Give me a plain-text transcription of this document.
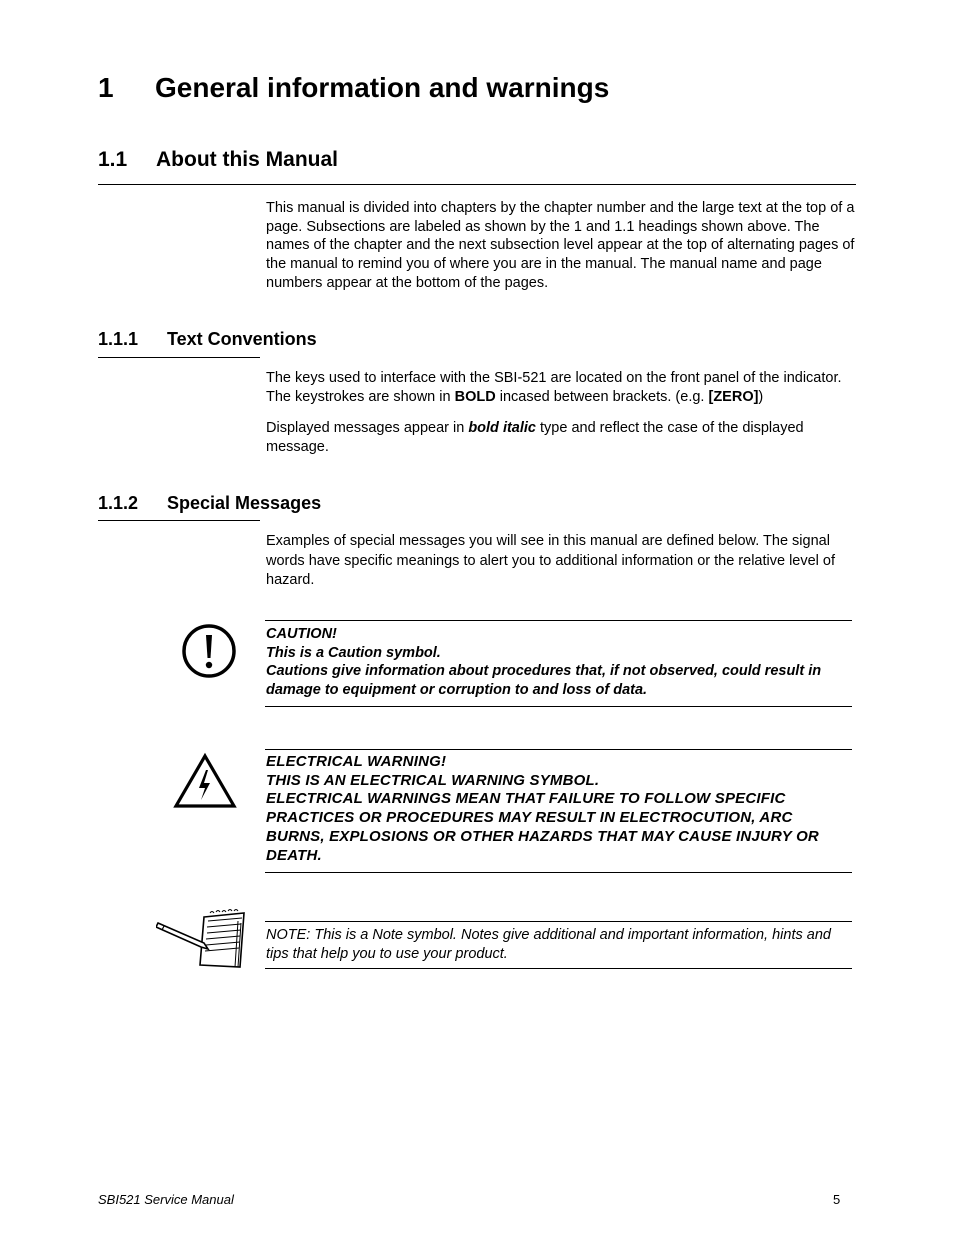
1 General information and warnings
1.1 About this Manual

This manual is divided into chapters by the chapter number and the large text at the top of a page. Subsections are labeled as shown by the 1 and 1.1 headings shown above. The names of the chapter and the next subsection level appear at the top of alternating pages of the manual to remind you of where you are in the manual. The manual name and page numbers appear at the bottom of the pages.

1.1.1 Text Conventions

The keys used to interface with the SBI-521 are located on the front panel of the indicator. The keystrokes are shown in BOLD incased between brackets. (e.g. [ZERO])

Displayed messages appear in bold italic type and reflect the case of the displayed message.

1.1.2 Special Messages

Examples of special messages you will see in this manual are defined below. The signal words have specific meanings to alert you to additional information or the relative level of hazard.

CAUTION!
This is a Caution symbol.
Cautions give information about procedures that, if not observed, could result in damage to equipment or corruption to and loss of data.
ELECTRICAL WARNING!
THIS IS AN ELECTRICAL WARNING SYMBOL.
ELECTRICAL WARNINGS MEAN THAT FAILURE TO FOLLOW SPECIFIC PRACTICES OR PROCEDURES MAY RESULT IN ELECTROCUTION, ARC BURNS, EXPLOSIONS OR OTHER HAZARDS THAT MAY CAUSE INJURY OR DEATH.
NOTE: This is a Note symbol. Notes give additional and important information, hints and tips that help you to use your product.
SBI521 Service Manual	5
